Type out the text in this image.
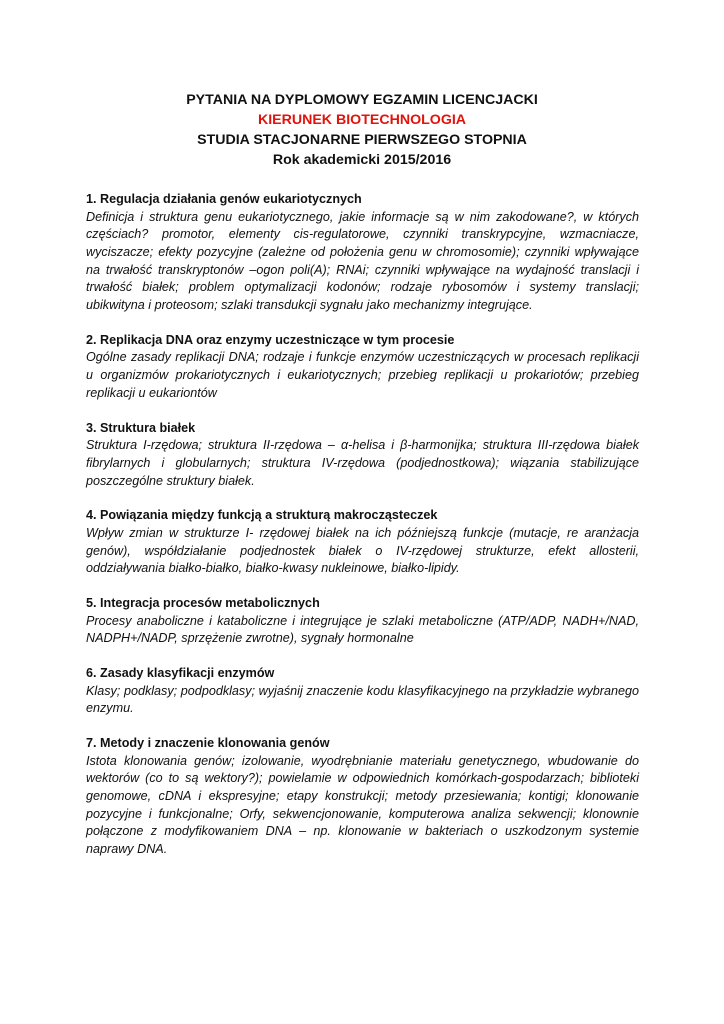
PYTANIA NA DYPLOMOWY EGZAMIN LICENCJACKI
KIERUNEK BIOTECHNOLOGIA
STUDIA STACJONARNE PIERWSZEGO STOPNIA
Rok akademicki 2015/2016
1. Regulacja działania genów eukariotycznych
Definicja i struktura genu eukariotycznego, jakie informacje są w nim zakodowane?, w których częściach? promotor, elementy cis-regulatorowe, czynniki transkrypcyjne, wzmacniacze, wyciszacze; efekty pozycyjne (zależne od położenia genu w chromosomie); czynniki wpływające na trwałość transkryptonów –ogon poli(A); RNAi; czynniki wpływające na wydajność translacji i trwałość białek; problem optymalizacji kodonów; rodzaje rybosomów i systemy translacji; ubikwityna i proteosom; szlaki transdukcji sygnału jako mechanizmy integrujące.
2. Replikacja DNA oraz enzymy uczestniczące w tym procesie
Ogólne zasady replikacji DNA; rodzaje i funkcje enzymów uczestniczących w procesach replikacji u organizmów prokariotycznych i eukariotycznych; przebieg replikacji u prokariotów; przebieg replikacji u eukariontów
3. Struktura białek
Struktura I-rzędowa; struktura II-rzędowa – α-helisa i β-harmonijka; struktura III-rzędowa białek fibrylarnych i globularnych; struktura IV-rzędowa (podjednostkowa); wiązania stabilizujące poszczególne struktury białek.
4. Powiązania między funkcją a strukturą makrocząsteczek
Wpływ zmian w strukturze I- rzędowej białek na ich późniejszą funkcje (mutacje, re aranżacja genów), współdziałanie podjednostek białek o IV-rzędowej strukturze, efekt allosterii, oddziaływania białko-białko, białko-kwasy nukleinowe, białko-lipidy.
5. Integracja procesów metabolicznych
Procesy anaboliczne i kataboliczne i integrujące je szlaki metaboliczne (ATP/ADP, NADH+/NAD, NADPH+/NADP, sprzężenie zwrotne), sygnały hormonalne
6. Zasady klasyfikacji enzymów
Klasy; podklasy; podpodklasy; wyjaśnij znaczenie kodu klasyfikacyjnego na przykładzie wybranego enzymu.
7. Metody i znaczenie klonowania genów
Istota klonowania genów; izolowanie, wyodrębnianie materiału genetycznego, wbudowanie do wektorów (co to są wektory?); powielamie w odpowiednich komórkach-gospodarzach; biblioteki genomowe, cDNA i ekspresyjne; etapy konstrukcji; metody przesiewania; kontigi; klonowanie pozycyjne i funkcjonalne; Orfy, sekwencjonowanie, komputerowa analiza sekwencji; klonownie połączone z modyfikowaniem DNA – np. klonowanie w bakteriach o uszkodzonym systemie naprawy DNA.
